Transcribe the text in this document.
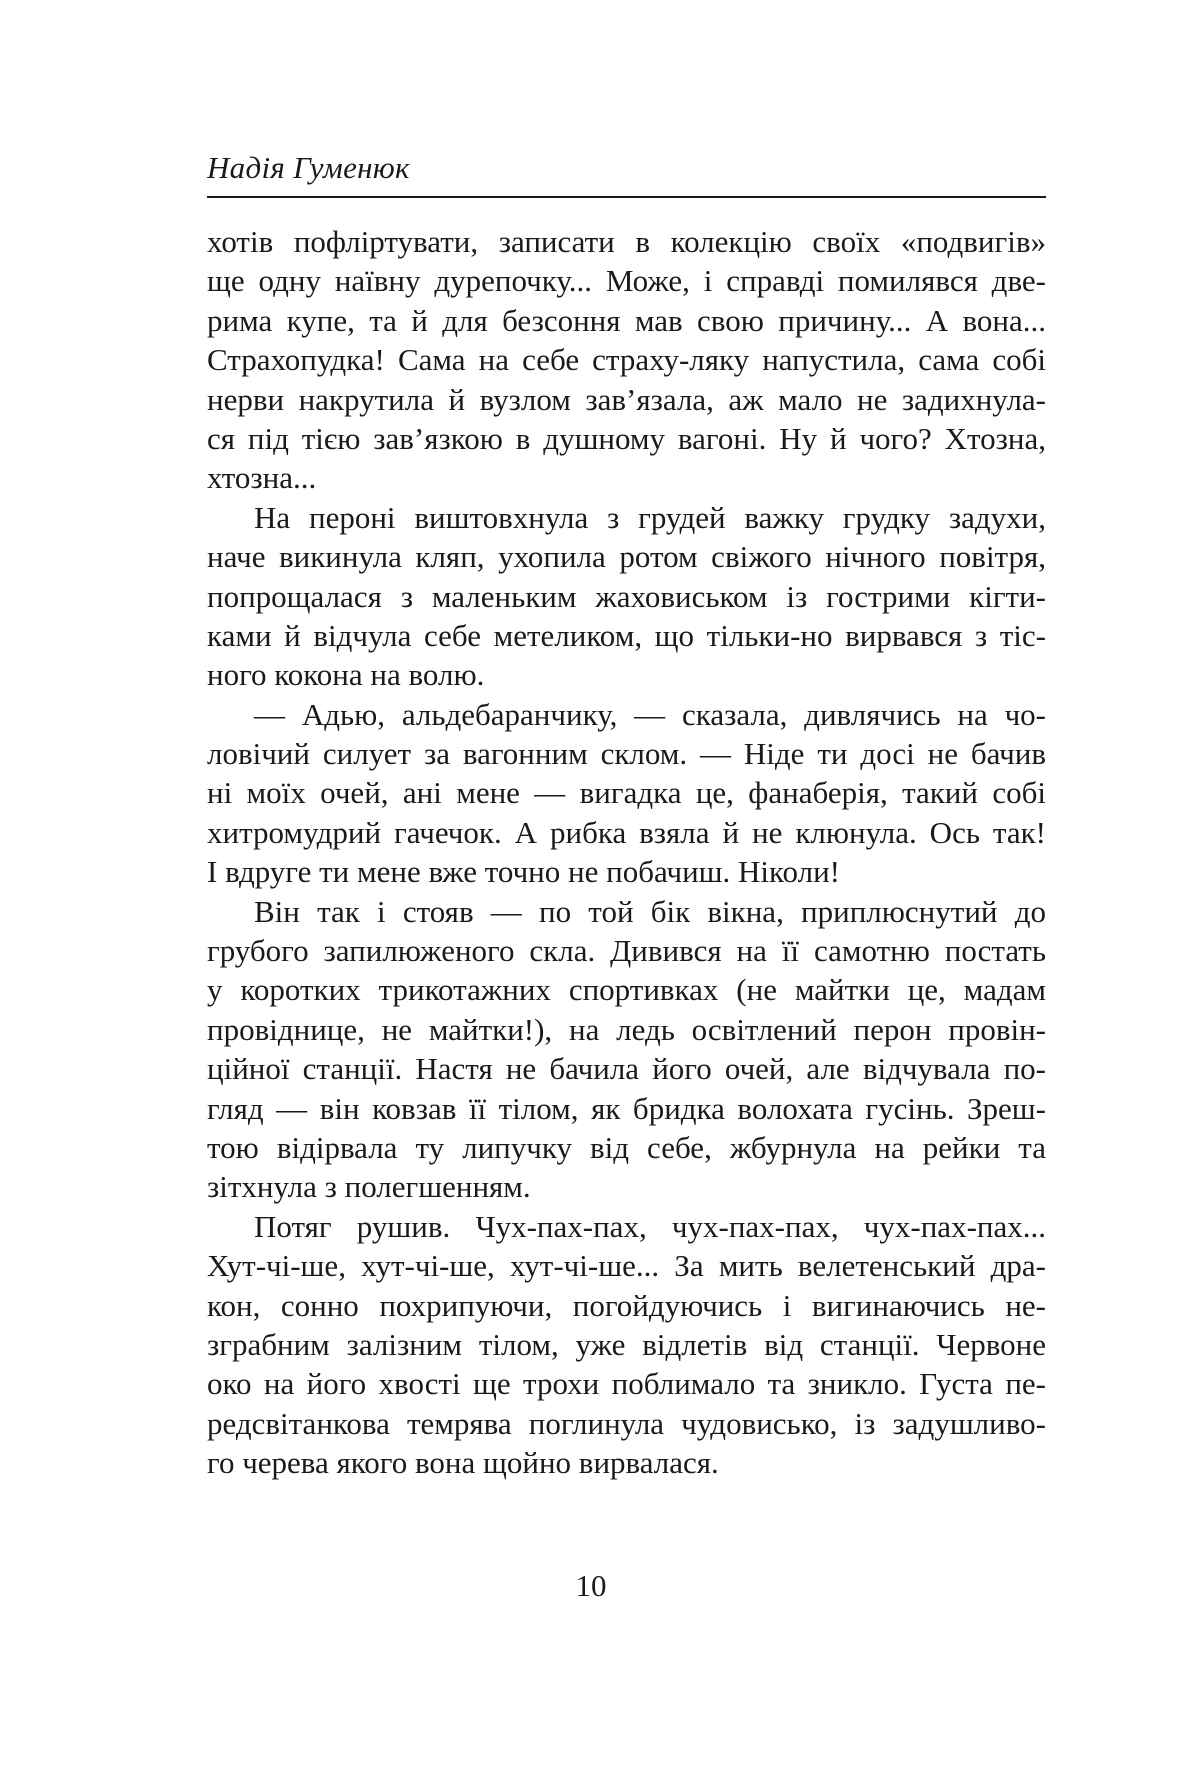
Надія Гуменюк
хотів пофліртувати, записати в колекцію своїх «подвигів»
ще одну наївну дурепочку... Може, і справді помилявся две-
рима купе, та й для безсоння мав свою причину... А вона...
Страхопудка! Сама на себе страху-ляку напустила, сама собі
нерви накрутила й вузлом зав’язала, аж мало не задихнула-
ся під тією зав’язкою в душному вагоні. Ну й чого? Хтозна,
хтозна...
На пероні виштовхнула з грудей важку грудку задухи,
наче викинула кляп, ухопила ротом свіжого нічного повітря,
попрощалася з маленьким жаховиськом із гострими кігти-
ками й відчула себе метеликом, що тільки-но вирвався з тіс-
ного кокона на волю.
— Адью, альдебаранчику, — сказала, дивлячись на чо-
ловічий силует за вагонним склом. — Ніде ти досі не бачив
ні моїх очей, ані мене — вигадка це, фанаберія, такий собі
хитромудрий гачечок. А рибка взяла й не клюнула. Ось так!
І вдруге ти мене вже точно не побачиш. Ніколи!
Він так і стояв — по той бік вікна, приплюснутий до
грубого запилюженого скла. Дивився на її самотню постать
у коротких трикотажних спортивках (не майтки це, мадам
провіднице, не майтки!), на ледь освітлений перон провін-
ційної станції. Настя не бачила його очей, але відчувала по-
гляд — він ковзав її тілом, як бридка волохата гусінь. Зреш-
тою відірвала ту липучку від себе, жбурнула на рейки та
зітхнула з полегшенням.
Потяг рушив. Чух-пах-пах, чух-пах-пах, чух-пах-пах...
Хут-чі-ше, хут-чі-ше, хут-чі-ше... За мить велетенський дра-
кон, сонно похрипуючи, погойдуючись і вигинаючись не-
зграбним залізним тілом, уже відлетів від станції. Червоне
око на його хвості ще трохи поблимало та зникло. Густа пе-
редсвітанкова темрява поглинула чудовисько, із задушливо-
го черева якого вона щойно вирвалася.
10
